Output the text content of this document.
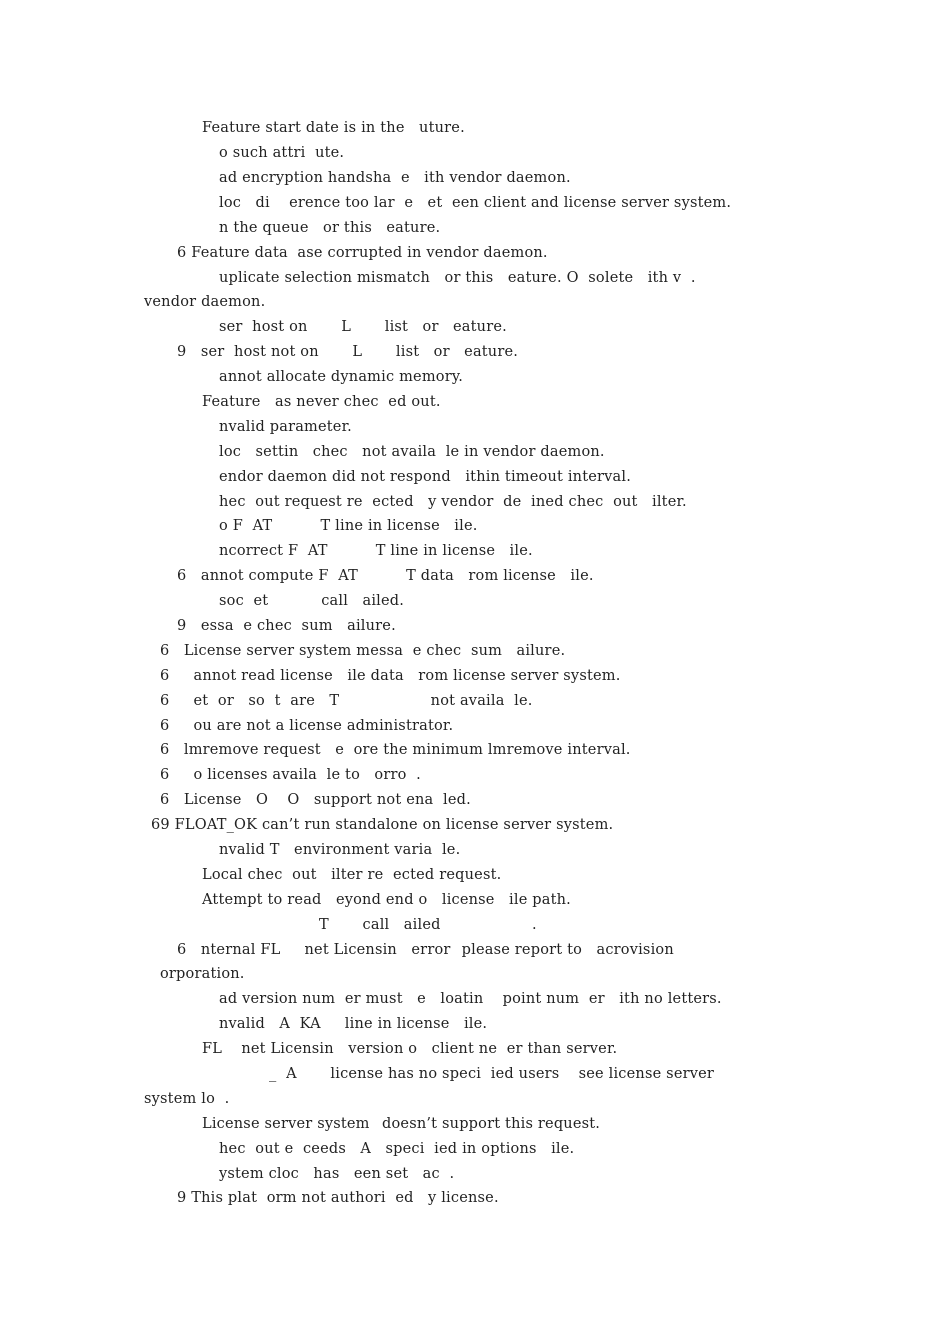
Feature start date is in the   uture.
o such attri  ute.
ad encryption handsha  e   ith vendor daemon.
loc   di    erence too lar  e   et  een client and license server system.
n the queue   or this   eature.
6 Feature data  ase corrupted in vendor daemon.
uplicate selection mismatch   or this   eature. O  solete   ith v  .
vendor daemon.
ser  host on       L       list   or   eature.
9   ser  host not on       L       list   or   eature.
annot allocate dynamic memory.
Feature   as never chec  ed out.
nvalid parameter.
loc   settin   chec   not availa  le in vendor daemon.
endor daemon did not respond   ithin timeout interval.
hec  out request re  ected   y vendor  de  ined chec  out   ilter.
o F  AT          T line in license   ile.
ncorrect F  AT          T line in license   ile.
6   annot compute F  AT          T data   rom license   ile.
soc  et           call   ailed.
9   essa  e chec  sum   ailure.
6   License server system messa  e chec  sum   ailure.
6     annot read license   ile data   rom license server system.
6     et  or   so  t  are   T                   not availa  le.
6     ou are not a license administrator.
6   lmremove request   e  ore the minimum lmremove interval.
6     o licenses availa  le to   orro  .
6   License   O    O   support not ena  led.
69 FLOAT_OK can’t run standalone on license server system.
nvalid T   environment varia  le.
Local chec  out   ilter re  ected request.
Attempt to read   eyond end o   license   ile path.
T       call   ailed                   .
6   nternal FL     net Licensin   error please report to   acrovision
orporation.
ad version num  er must   e   loatin    point num  er   ith no letters.
nvalid   A  KA     line in license   ile.
FL    net Licensin   version o   client ne  er than server.
_  A       license has no speci  ied users    see license server
system lo  .
License server system doesn’t support this request.
hec  out e  ceeds   A   speci  ied in options   ile.
ystem cloc   has   een set   ac  .
9 This plat  orm not authori  ed   y license.
